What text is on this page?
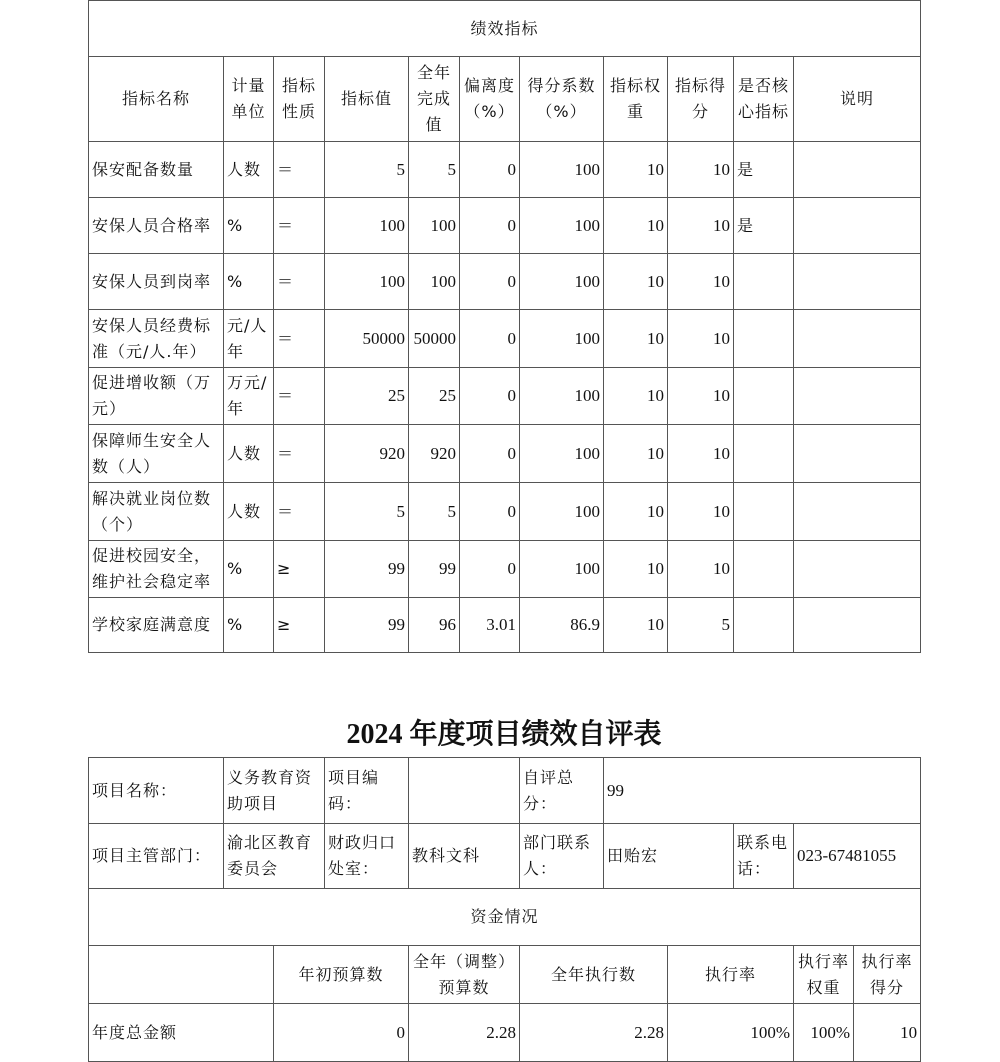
绩效指标										
指标名称	计量单位	指标性质	指标值	全年完成值	偏离度（%）	得分系数（%）	指标权重	指标得分	是否核心指标	说明
保安配备数量	人数	＝	5	5	0	100	10	10	是	
安保人员合格率	%	＝	100	100	0	100	10	10	是	
安保人员到岗率	%	＝	100	100	0	100	10	10		
安保人员经费标准（元/人.年）	元/人年	＝	50000	50000	0	100	10	10		
促进增收额（万元）	万元/年	＝	25	25	0	100	10	10		
保障师生安全人数（人）	人数	＝	920	920	0	100	10	10		
解决就业岗位数（个）	人数	＝	5	5	0	100	10	10		
促进校园安全，维护社会稳定率	%	≥	99	99	0	100	10	10		
学校家庭满意度	%	≥	99	96	3.01	86.9	10	5		
2024 年度项目绩效自评表
项目名称：	义务教育资助项目	项目编码：		自评总分：	99		
项目主管部门：	渝北区教育委员会	财政归口处室：	教科文科	部门联系人：	田贻宏	联系电话：	023-67481055
资金情况						
	年初预算数	全年（调整）预算数	全年执行数	执行率	执行率权重	执行率得分
年度总金额	0	2.28	2.28	100%	100%	10
